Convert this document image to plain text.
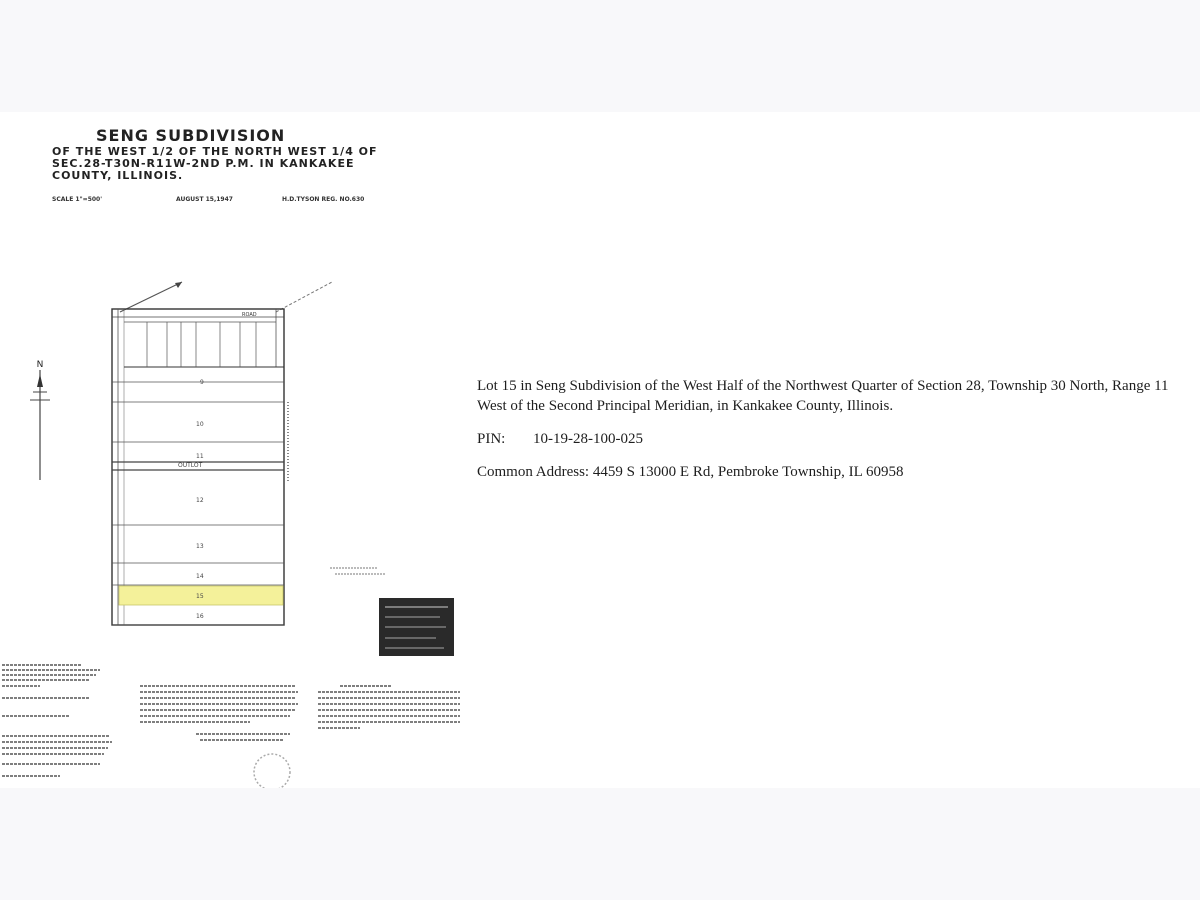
SENG SUBDIVISION
OF THE WEST 1/2 OF THE NORTH WEST 1/4 OF
SEC.28-T30N-R11W-2ND P.M. IN KANKAKEE
COUNTY, ILLINOIS.
SCALE 1"=500'	AUGUST 15,1947	H.D.TYSON REG. NO.630
N
ROAD
9
10
11
OUTLOT
12
13
14
15
16

Lot 15 in Seng Subdivision of the West Half of the Northwest Quarter of Section 28, Township 30 North, Range 11 West of the Second Principal Meridian, in Kankakee County, Illinois.

PIN: 10-19-28-100-025

Common Address: 4459 S 13000 E Rd, Pembroke Township, IL 60958
